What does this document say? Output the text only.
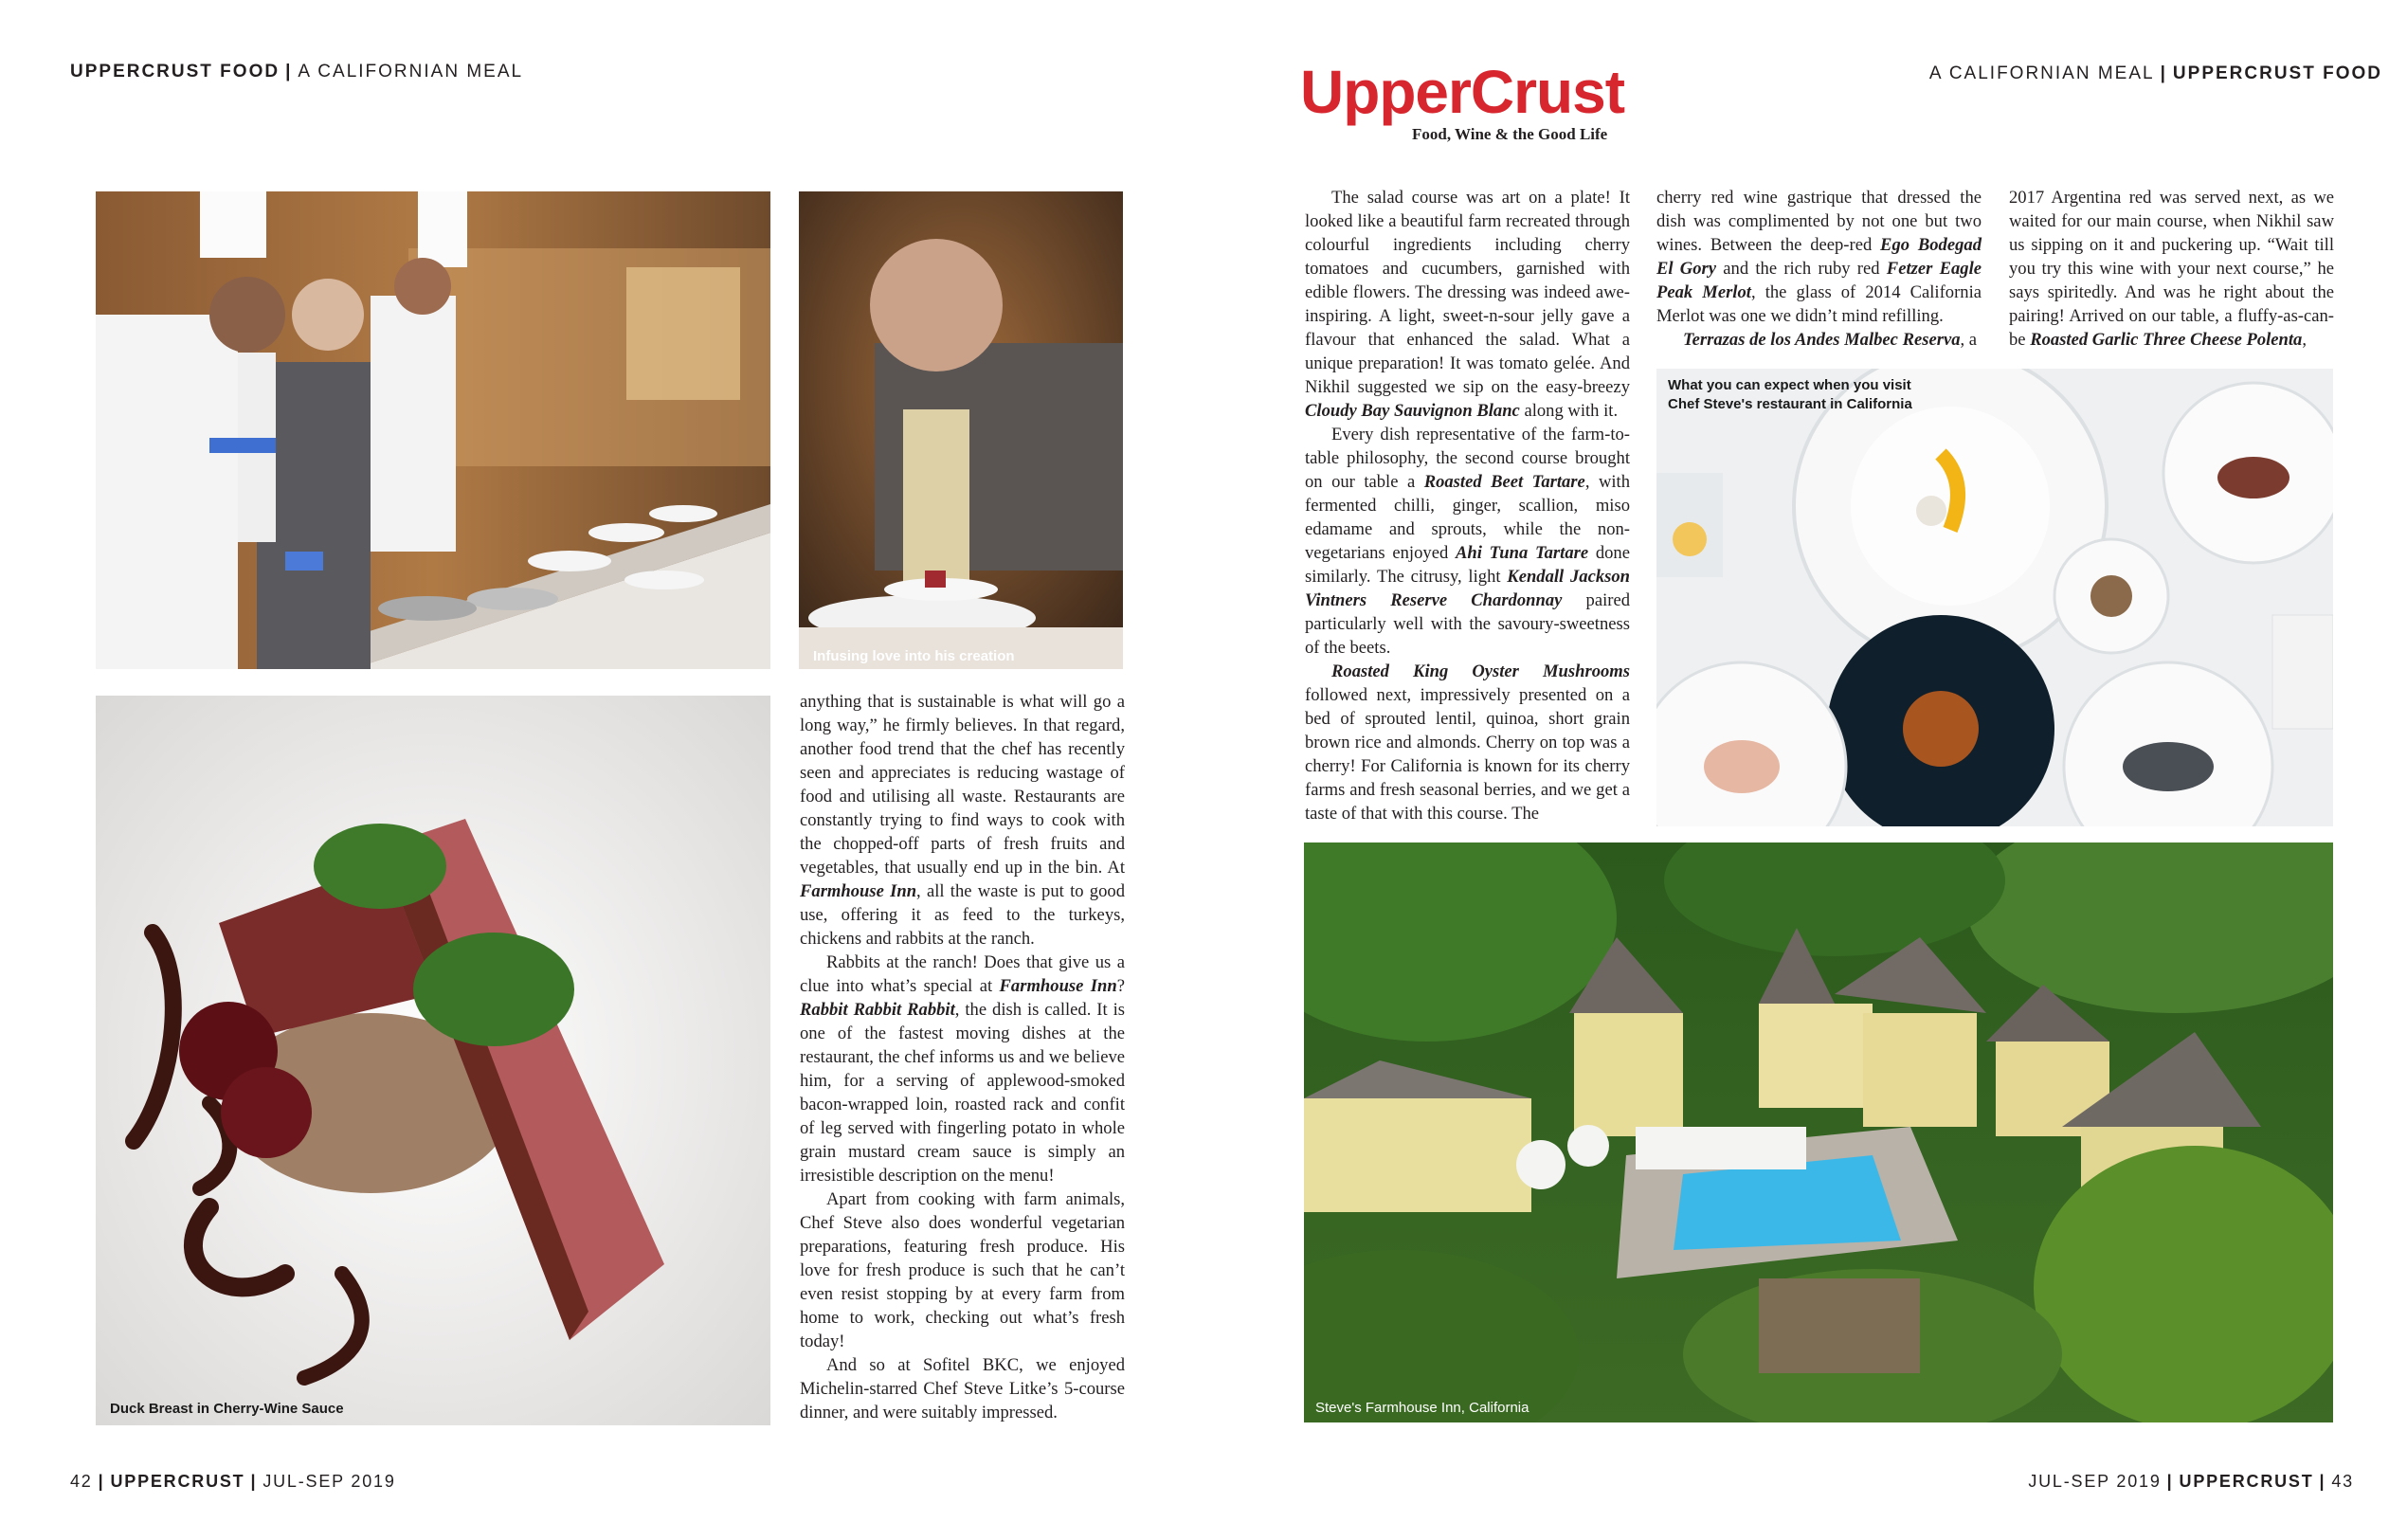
UPPERCRUST FOOD | A CALIFORNIAN MEAL	A CALIFORNIAN MEAL | UPPERCRUST FOOD
UpperCrust
Food, Wine & the Good Life
Infusing love into his creation
Duck Breast in Cherry-Wine Sauce

anything that is sustainable is what will go a long way,” he firmly believes. In that regard, another food trend that the chef has recently seen and appreciates is reducing wastage of food and utilising all waste. Restaurants are constantly trying to find ways to cook with the chopped-off parts of fresh fruits and vegetables, that usually end up in the bin. At Farmhouse Inn, all the waste is put to good use, offering it as feed to the turkeys, chickens and rabbits at the ranch.

Rabbits at the ranch! Does that give us a clue into what’s special at Farmhouse Inn? Rabbit Rabbit Rabbit, the dish is called. It is one of the fastest moving dishes at the restaurant, the chef informs us and we believe him, for a serving of applewood-smoked bacon-wrapped loin, roasted rack and confit of leg served with fingerling potato in whole grain mustard cream sauce is simply an irresistible description on the menu!

Apart from cooking with farm animals, Chef Steve also does wonderful vegetarian preparations, featuring fresh produce. His love for fresh produce is such that he can’t even resist stopping by at every farm from home to work, checking out what’s fresh today!

And so at Sofitel BKC, we enjoyed Michelin-starred Chef Steve Litke’s 5-course dinner, and were suitably impressed.

The salad course was art on a plate! It looked like a beautiful farm recreated through colourful ingredients including cherry tomatoes and cucumbers, garnished with edible flowers. The dressing was indeed awe-inspiring. A light, sweet-n-sour jelly gave a flavour that enhanced the salad. What a unique preparation! It was tomato gelée. And Nikhil suggested we sip on the easy-breezy Cloudy Bay Sauvignon Blanc along with it.

Every dish representative of the farm-to-table philosophy, the second course brought on our table a Roasted Beet Tartare, with fermented chilli, ginger, scallion, miso edamame and sprouts, while the non-vegetarians enjoyed Ahi Tuna Tartare done similarly. The citrusy, light Kendall Jackson Vintners Reserve Chardonnay paired particularly well with the savoury-sweetness of the beets.

Roasted King Oyster Mushrooms followed next, impressively presented on a bed of sprouted lentil, quinoa, short grain brown rice and almonds. Cherry on top was a cherry! For California is known for its cherry farms and fresh seasonal berries, and we get a taste of that with this course. The

cherry red wine gastrique that dressed the dish was complimented by not one but two wines. Between the deep-red Ego Bodegad El Gory and the rich ruby red Fetzer Eagle Peak Merlot, the glass of 2014 California Merlot was one we didn’t mind refilling.

Terrazas de los Andes Malbec Reserva, a

2017 Argentina red was served next, as we waited for our main course, when Nikhil saw us sipping on it and puckering up. “Wait till you try this wine with your next course,” he says spiritedly. And was he right about the pairing! Arrived on our table, a fluffy-as-can-be Roasted Garlic Three Cheese Polenta,

What you can expect when you visit
Chef Steve's restaurant in California
Steve's Farmhouse Inn, California
42 | UPPERCRUST | JUL-SEP 2019	JUL-SEP 2019 | UPPERCRUST | 43
